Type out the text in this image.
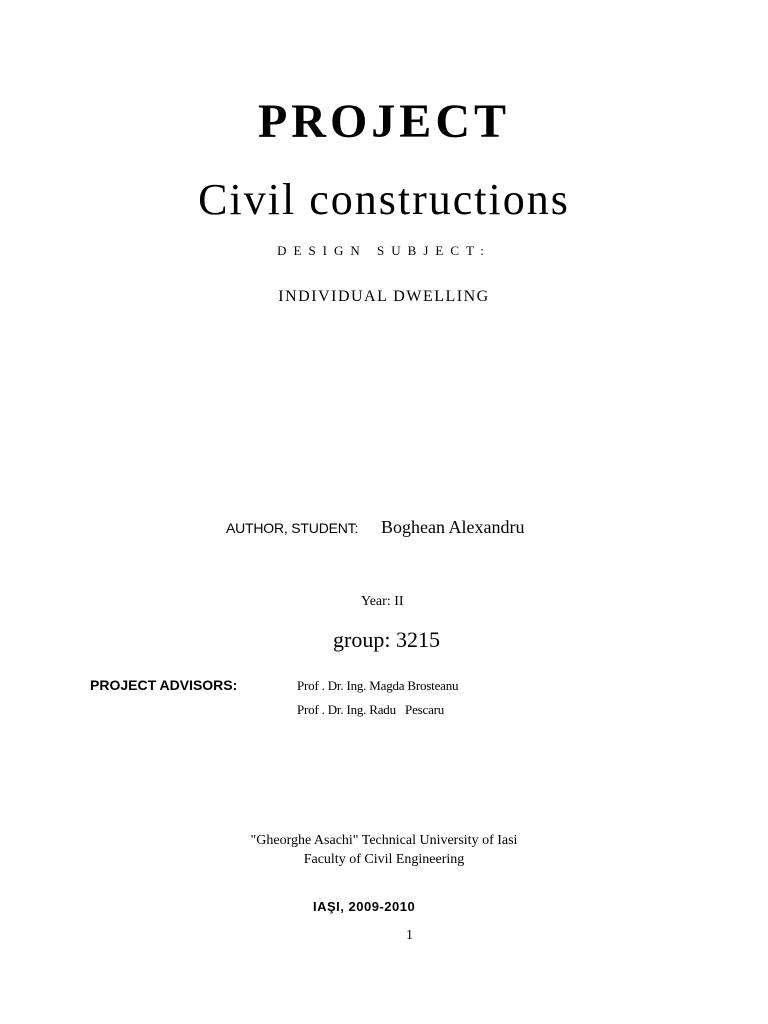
PROJECT
Civil constructions
DESIGN SUBJECT:
INDIVIDUAL DWELLING
AUTHOR, STUDENT: Boghean Alexandru
Year: II
group: 3215
PROJECT ADVISORS:	Prof . Dr. Ing. Magda Brosteanu
Prof . Dr. Ing. Radu   Pescaru
"Gheorghe Asachi" Technical University of Iasi
Faculty of Civil Engineering
IAŞI, 2009-2010
1
